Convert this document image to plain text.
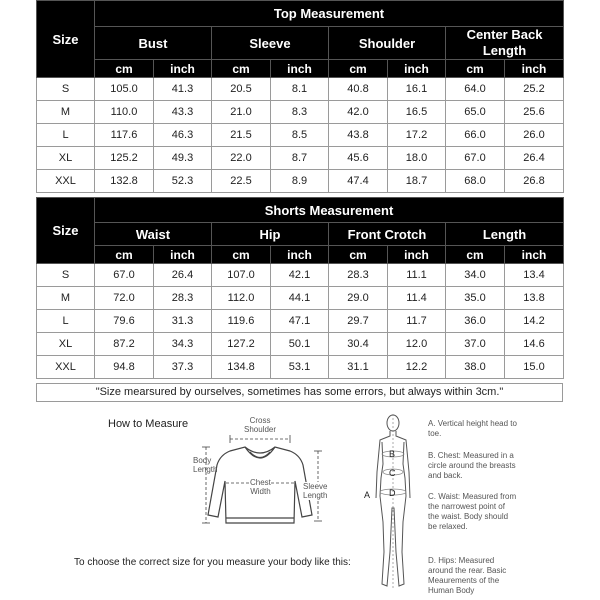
Size	Top Measurement							
	Bust		Sleeve		Shoulder		Center Back Length	
	cm	inch	cm	inch	cm	inch	cm	inch
S	105.0	41.3	20.5	8.1	40.8	16.1	64.0	25.2
M	110.0	43.3	21.0	8.3	42.0	16.5	65.0	25.6
L	117.6	46.3	21.5	8.5	43.8	17.2	66.0	26.0
XL	125.2	49.3	22.0	8.7	45.6	18.0	67.0	26.4
XXL	132.8	52.3	22.5	8.9	47.4	18.7	68.0	26.8
Size	Shorts Measurement							
	Waist		Hip		Front Crotch		Length	
	cm	inch	cm	inch	cm	inch	cm	inch
S	67.0	26.4	107.0	42.1	28.3	11.1	34.0	13.4
M	72.0	28.3	112.0	44.1	29.0	11.4	35.0	13.8
L	79.6	31.3	119.6	47.1	29.7	11.7	36.0	14.2
XL	87.2	34.3	127.2	50.1	30.4	12.0	37.0	14.6
XXL	94.8	37.3	134.8	53.1	31.1	12.2	38.0	15.0
"Size mearsured by ourselves, sometimes has some errors, but always within 3cm."
How to Measure	Cross
Shoulder
Body
Length
Chest
Width
Sleeve
Length
To choose the correct size for you measure your body like this:
A
B
C
D
A. Vertical height head to toe.
B. Chest: Measured in a circle around the breasts and back.
C. Waist: Measured from the narrowest point of the waist. Body should be relaxed.
D. Hips: Measured around the rear. Basic Meaurements of the Human Body
